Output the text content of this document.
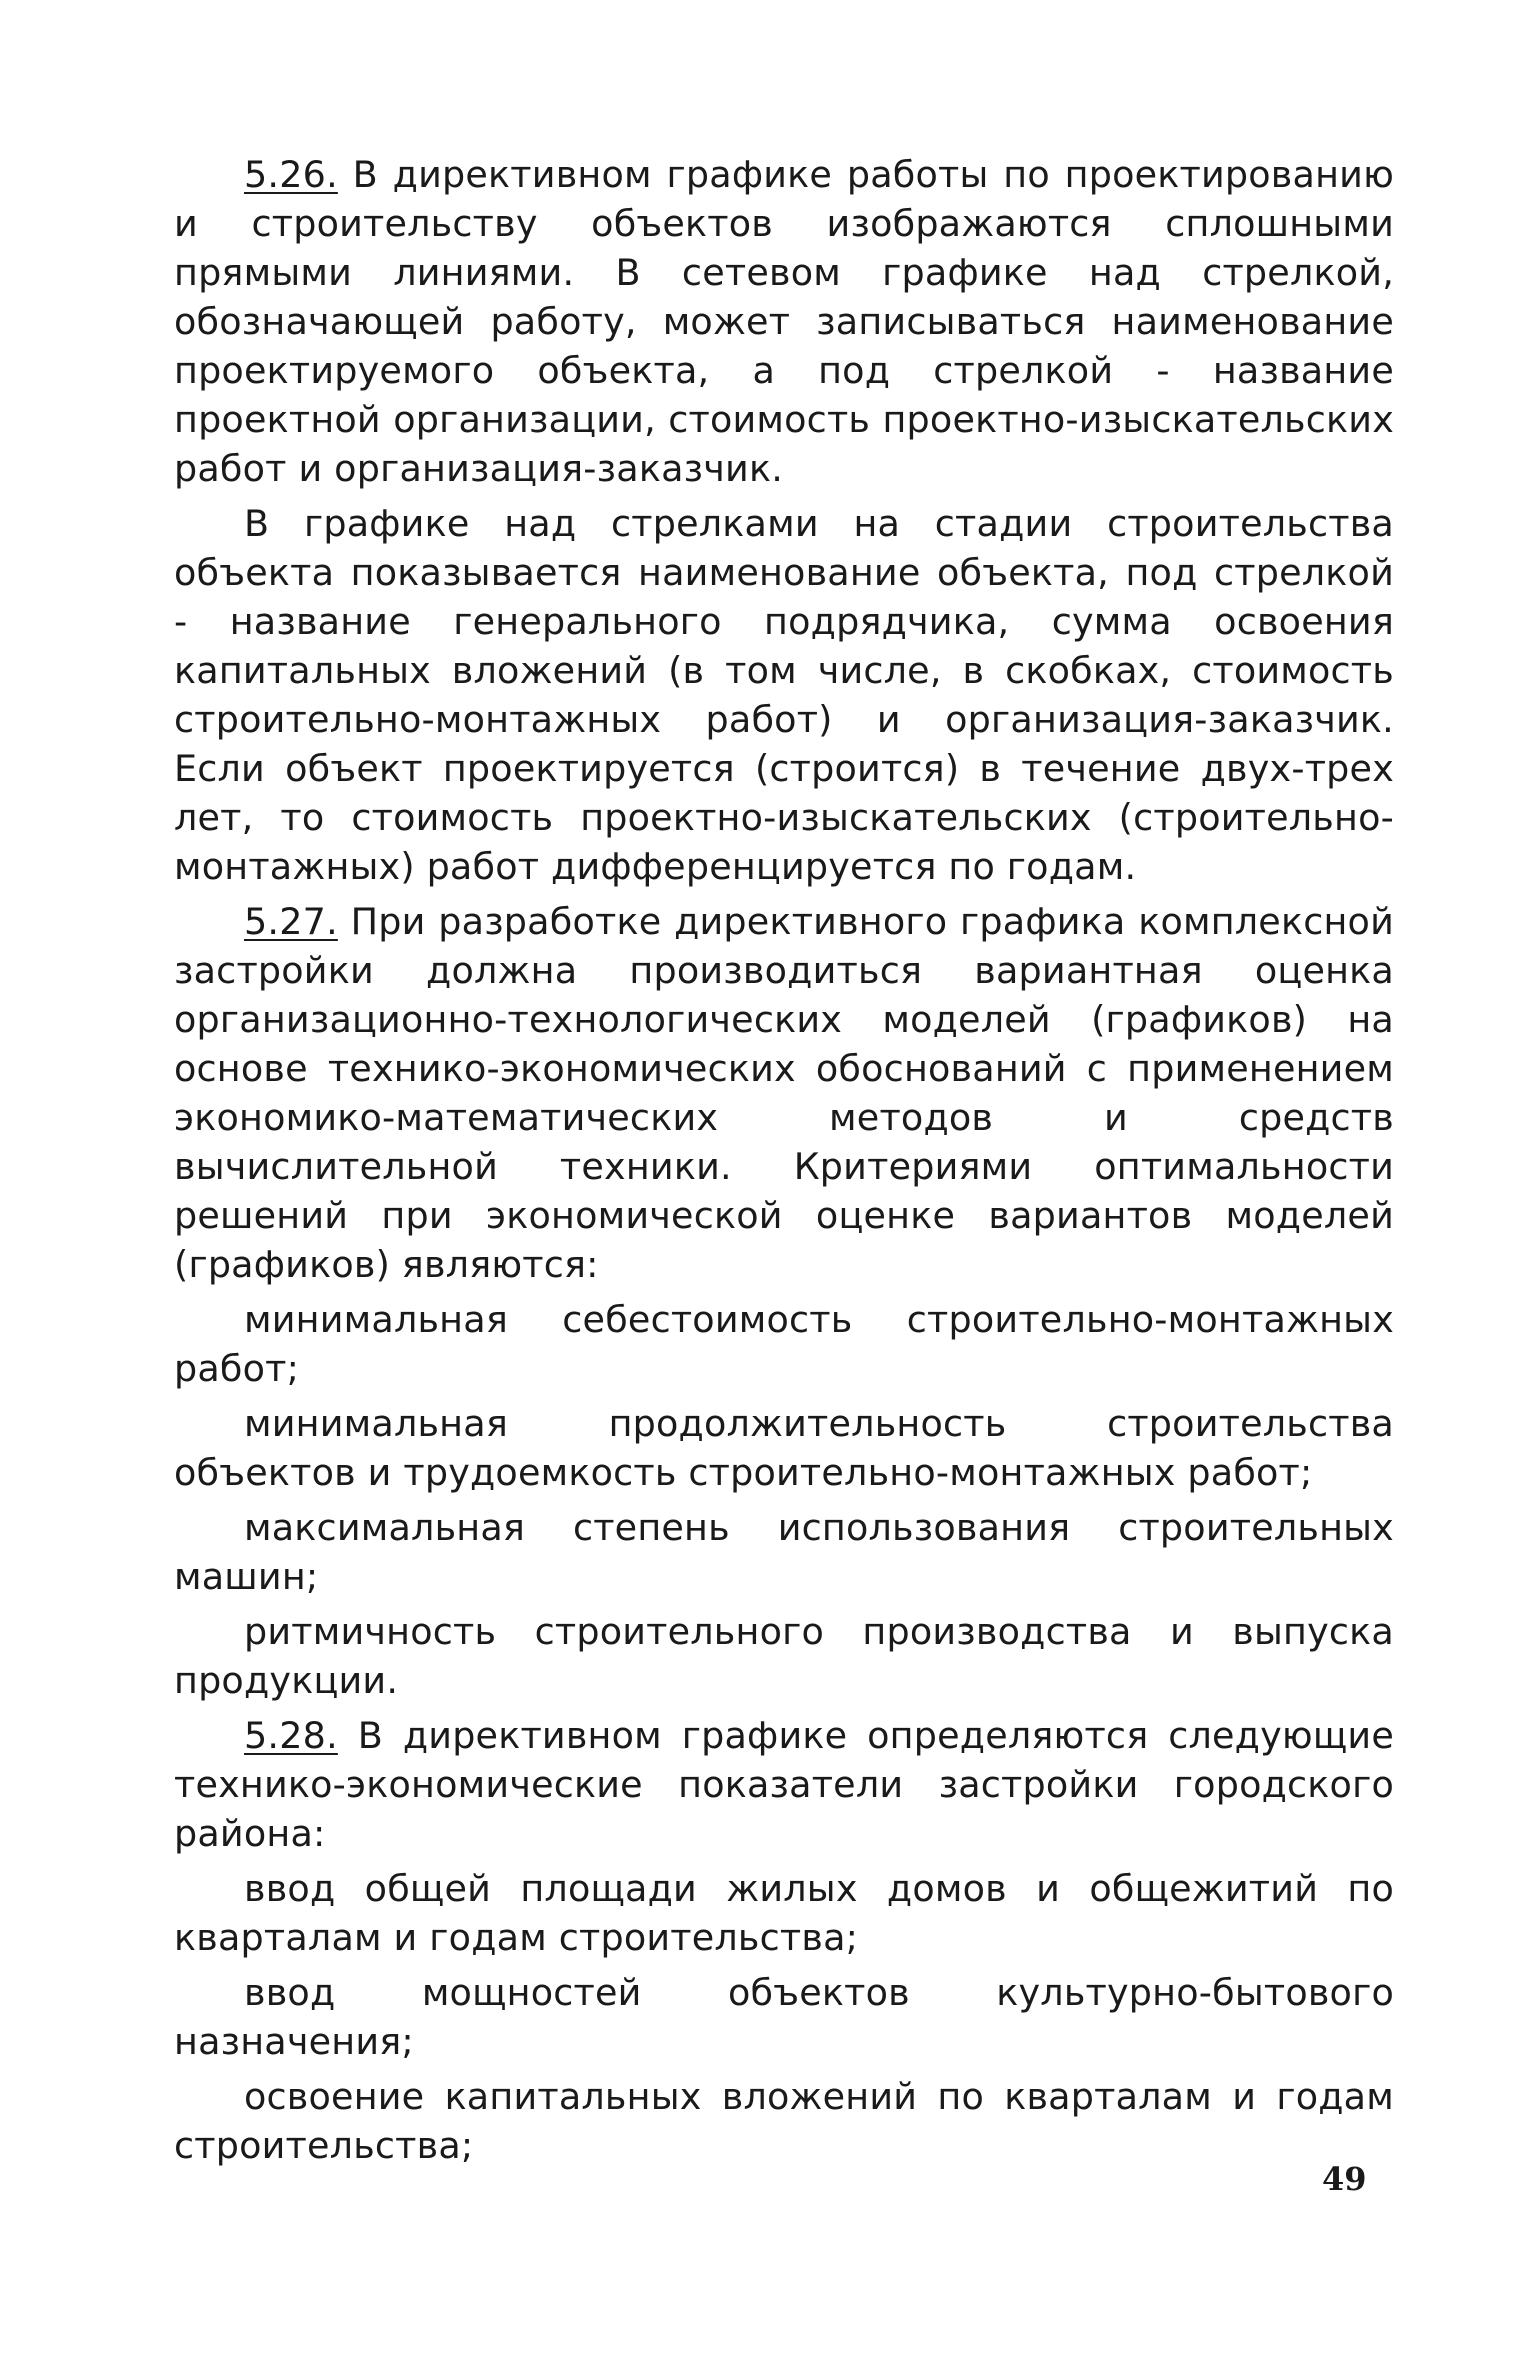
5.26. В директивном графике работы по проектированию и строительству объектов изображаются сплошными прямыми линиями. В сетевом графике над стрелкой, обозначающей работу, может записываться наименование проектируемого объекта, а под стрелкой - название проектной организации, стоимость проектно-изыскательских работ и организация-заказчик.

В графике над стрелками на стадии строительства объекта показывается наименование объекта, под стрелкой - название генерального подрядчика, сумма освоения капитальных вложений (в том числе, в скобках, стоимость строительно-монтажных работ) и организация-заказчик. Если объект проектируется (строится) в течение двух-трех лет, то стоимость проектно-изыскательских (строительно-монтажных) работ дифференцируется по годам.

5.27. При разработке директивного графика комплексной застройки должна производиться вариантная оценка организационно-технологических моделей (графиков) на основе технико-экономических обоснований с применением экономико-математических методов и средств вычислительной техники. Критериями оптимальности решений при экономической оценке вариантов моделей (графиков) являются:

минимальная себестоимость строительно-монтажных работ;

минимальная продолжительность строительства объектов и трудоемкость строительно-монтажных работ;

максимальная степень использования строительных машин;

ритмичность строительного производства и выпуска продукции.

5.28. В директивном графике определяются следующие технико-экономические показатели застройки городского района:

ввод общей площади жилых домов и общежитий по кварталам и годам строительства;

ввод мощностей объектов культурно-бытового назначения;

освоение капитальных вложений по кварталам и годам строительства;

49
